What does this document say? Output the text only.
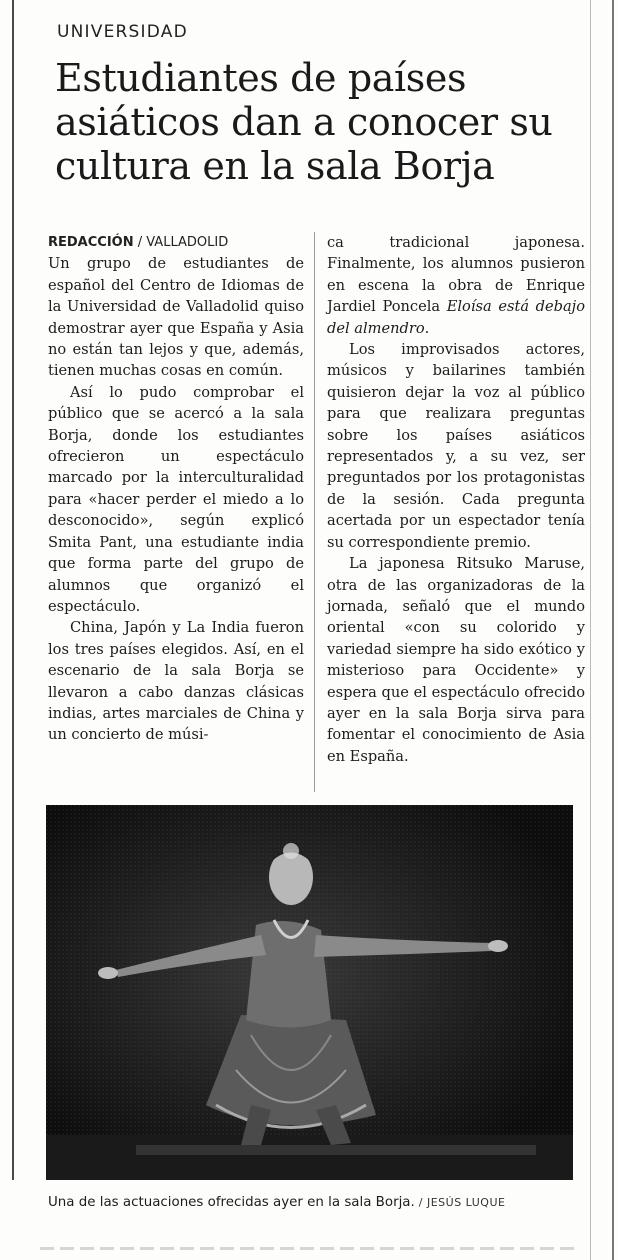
UNIVERSIDAD
Estudiantes de países asiáticos dan a conocer su cultura en la sala Borja
REDACCIÓN / VALLADOLID

Un grupo de estudiantes de español del Centro de Idiomas de la Universidad de Valladolid quiso demostrar ayer que España y Asia no están tan lejos y que, además, tienen muchas cosas en común.

Así lo pudo comprobar el público que se acercó a la sala Borja, donde los estudiantes ofrecieron un espectáculo marcado por la interculturalidad para «hacer perder el miedo a lo desconocido», según explicó Smita Pant, una estudiante india que forma parte del grupo de alumnos que organizó el espectáculo.

China, Japón y La India fueron los tres países elegidos. Así, en el escenario de la sala Borja se llevaron a cabo danzas clásicas indias, artes marciales de China y un concierto de músi-

ca tradicional japonesa. Finalmente, los alumnos pusieron en escena la obra de Enrique Jardiel Poncela Eloísa está debajo del almendro.

Los improvisados actores, músicos y bailarines también quisieron dejar la voz al público para que realizara preguntas sobre los países asiáticos representados y, a su vez, ser preguntados por los protagonistas de la sesión. Cada pregunta acertada por un espectador tenía su correspondiente premio.

La japonesa Ritsuko Maruse, otra de las organizadoras de la jornada, señaló que el mundo oriental «con su colorido y variedad siempre ha sido exótico y misterioso para Occidente» y espera que el espectáculo ofrecido ayer en la sala Borja sirva para fomentar el conocimiento de Asia en España.

Una de las actuaciones ofrecidas ayer en la sala Borja. / JESÚS LUQUE
